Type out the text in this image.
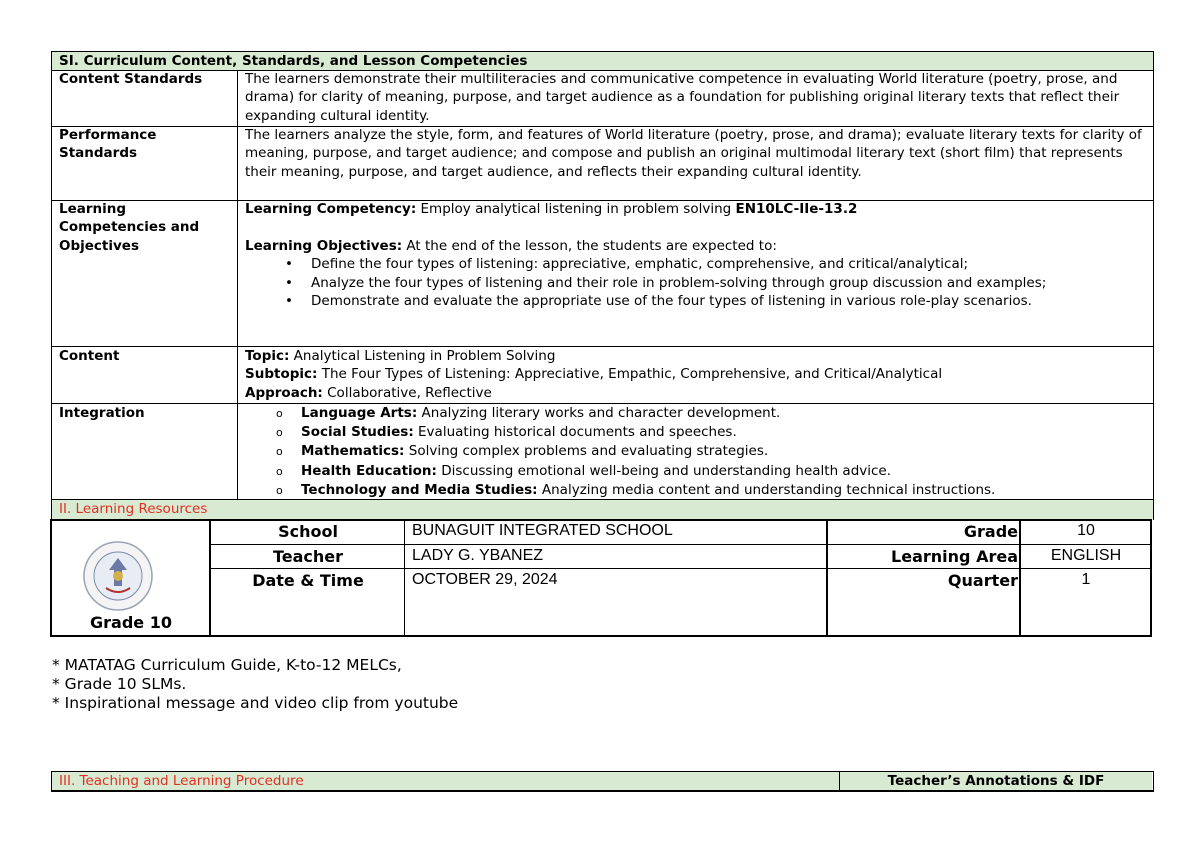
SI. Curriculum Content, Standards, and Lesson Competencies
Content Standards	The learners demonstrate their multiliteracies and communicative competence in evaluating World literature (poetry, prose, and drama) for clarity of meaning, purpose, and target audience as a foundation for publishing original literary texts that reflect their expanding cultural identity.
Performance Standards
The learners analyze the style, form, and features of World literature (poetry, prose, and drama); evaluate literary texts for clarity of meaning, purpose, and target audience; and compose and publish an original multimodal literary text (short film) that represents their meaning, purpose, and target audience, and reflects their expanding cultural identity.
Learning Competencies and Objectives
Learning Competency: Employ analytical listening in problem solving EN10LC-IIe-13.2
Learning Objectives: At the end of the lesson, the students are expected to:
• Define the four types of listening: appreciative, emphatic, comprehensive, and critical/analytical;
• Analyze the four types of listening and their role in problem-solving through group discussion and examples;
• Demonstrate and evaluate the appropriate use of the four types of listening in various role-play scenarios.
Content	Topic: Analytical Listening in Problem Solving
Subtopic: The Four Types of Listening: Appreciative, Empathic, Comprehensive, and Critical/Analytical
Approach: Collaborative, Reflective
Integration
o	Language Arts: Analyzing literary works and character development.
o Social Studies: Evaluating historical documents and speeches.
o Mathematics: Solving complex problems and evaluating strategies.
o Health Education: Discussing emotional well-being and understanding health advice.
o Technology and Media Studies: Analyzing media content and understanding technical instructions.
II. Learning Resources
Grade 10
School	BUNAGUIT INTEGRATED SCHOOL	Grade	10
Teacher	LADY G. YBANEZ	Learning Area	ENGLISH
Date & Time	OCTOBER 29, 2024	Quarter	1
* MATATAG Curriculum Guide, K-to-12 MELCs,
* Grade 10 SLMs.
* Inspirational message and video clip from youtube
III. Teaching and Learning Procedure	Teacher’s Annotations & IDF
